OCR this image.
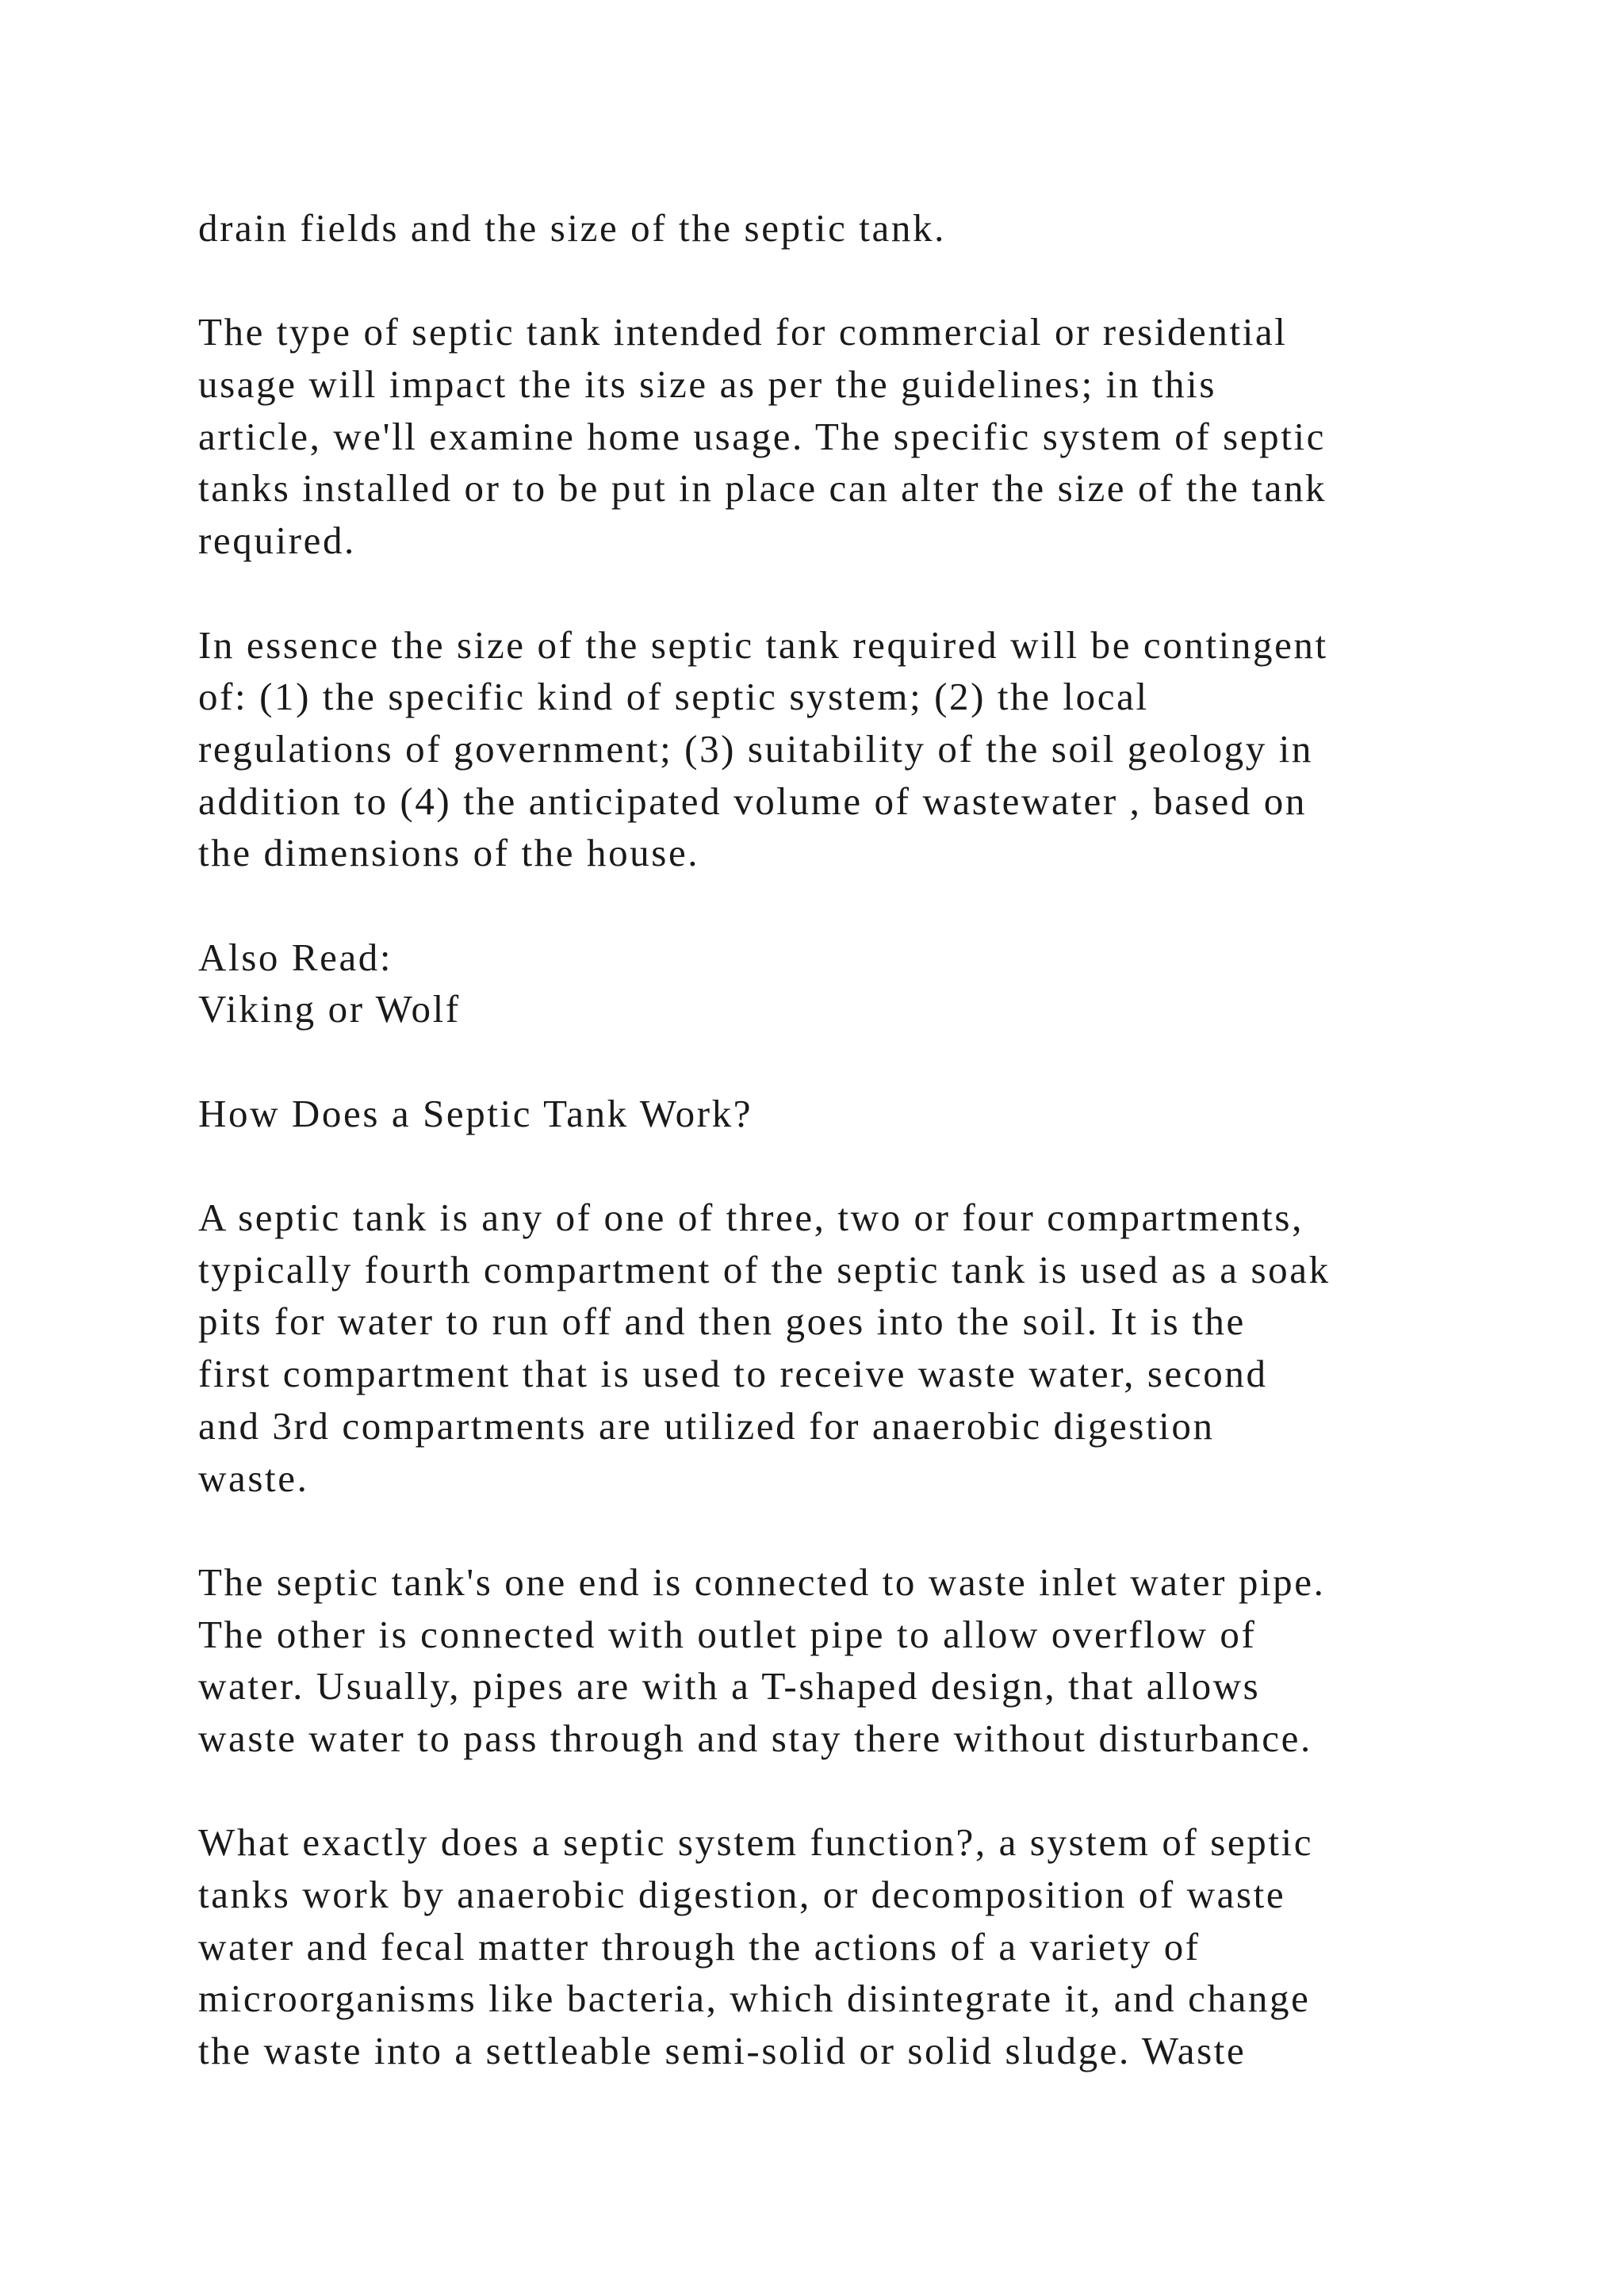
drain fields and the size of the septic tank.
The type of septic tank intended for commercial or residential
usage will impact the its size as per the guidelines; in this
article, we'll examine home usage. The specific system of septic
tanks installed or to be put in place can alter the size of the tank
required.
In essence the size of the septic tank required will be contingent
of: (1) the specific kind of septic system; (2) the local
regulations of government; (3) suitability of the soil geology in
addition to (4) the anticipated volume of wastewater , based on
the dimensions of the house.
Also Read:
Viking or Wolf
How Does a Septic Tank Work?
A septic tank is any of one of three, two or four compartments,
typically fourth compartment of the septic tank is used as a soak
pits for water to run off and then goes into the soil. It is the
first compartment that is used to receive waste water, second
and 3rd compartments are utilized for anaerobic digestion
waste.
The septic tank's one end is connected to waste inlet water pipe.
The other is connected with outlet pipe to allow overflow of
water. Usually, pipes are with a T-shaped design, that allows
waste water to pass through and stay there without disturbance.
What exactly does a septic system function?, a system of septic
tanks work by anaerobic digestion, or decomposition of waste
water and fecal matter through the actions of a variety of
microorganisms like bacteria, which disintegrate it, and change
the waste into a settleable semi-solid or solid sludge. Waste
